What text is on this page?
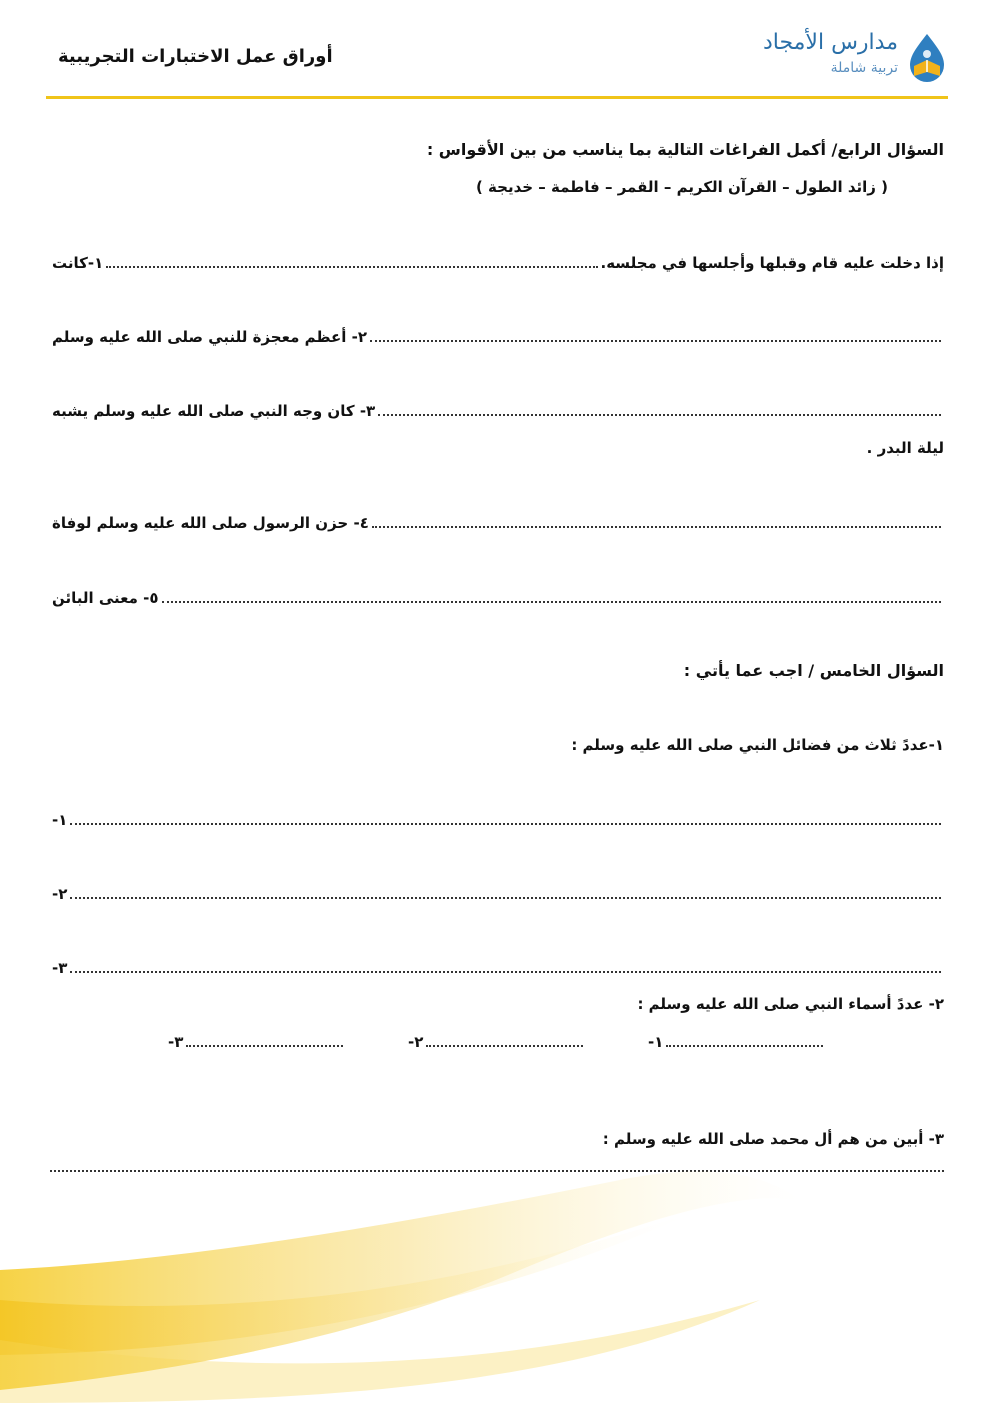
أوراق عمل الاختبارات التجريبية
مدارس الأمجاد
تربية شاملة
السؤال الرابع/ أكمل الفراغات التالية بما يناسب من بين الأقواس :
( زائد الطول – القرآن الكريم – القمر – فاطمة – خديجة )
١-كانت	إذا دخلت عليه قام وقبلها وأجلسها في مجلسه.
٢- أعظم معجزة للنبي صلى الله عليه وسلم
٣- كان وجه النبي صلى الله عليه وسلم يشبه
ليلة البدر .
٤- حزن الرسول صلى الله عليه وسلم لوفاة
٥- معنى البائن
السؤال الخامس / اجب عما يأتي :
١-عددً ثلاث من فضائل النبي صلى الله عليه وسلم :
١-
٢-
٣-
٢- عددً أسماء النبي صلى الله عليه وسلم :
١-
٢-
٣-
٣- أبين من هم أل محمد صلى الله عليه وسلم :
